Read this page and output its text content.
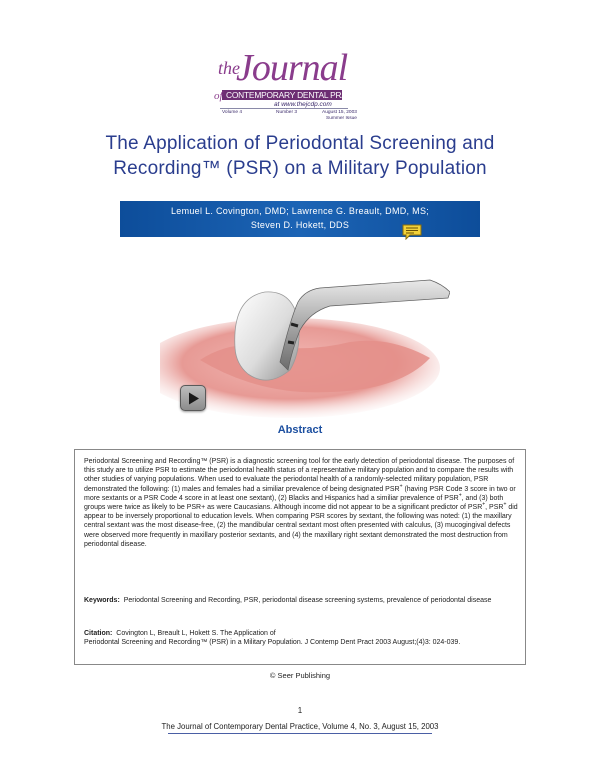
the
Journal
of CONTEMPORARY DENTAL PRACTICE
at www.thejcdp.com
Volume 4	Number 3	August 15, 2003
Summer Issue
The Application of Periodontal Screening and
Recording™ (PSR) on a Military Population
Lemuel L. Covington, DMD; Lawrence G. Breault, DMD, MS;
Steven D. Hokett, DDS
Abstract
Periodontal Screening and Recording™ (PSR) is a diagnostic screening tool for the early detection of periodontal disease. The purposes of this study are to utilize PSR to estimate the periodontal health status of a representative military population and to compare the results with other studies of varying populations. When used to evaluate the periodontal health of a randomly-selected military population, PSR demonstrated the following: (1) males and females had a similiar prevalence of being designated PSR+ (having PSR Code 3 score in two or more sextants or a PSR Code 4 score in at least one sextant), (2) Blacks and Hispanics had a similiar prevalence of PSR+, and (3) both groups were twice as likely to be PSR+ as were Caucasians. Although income did not appear to be a significant predictor of PSR+, PSR+ did appear to be inversely proportional to education levels. When comparing PSR scores by sextant, the following was noted: (1) the maxillary central sextant was the most disease-free, (2) the mandibular central sextant most often presented with calculus, (3) mucogingival defects were observed more frequently in maxillary posterior sextants, and (4) the maxillary right sextant demonstrated the most destruction from periodontal disease.
Keywords: Periodontal Screening and Recording, PSR, periodontal disease screening systems, prevalence of periodontal disease
Citation: Covington L, Breault L, Hokett S. The Application of
Periodontal Screening and Recording™ (PSR) in a Military Population. J Contemp Dent Pract 2003 August;(4)3: 024-039.
© Seer Publishing
1
The Journal of Contemporary Dental Practice, Volume 4, No. 3, August 15, 2003
